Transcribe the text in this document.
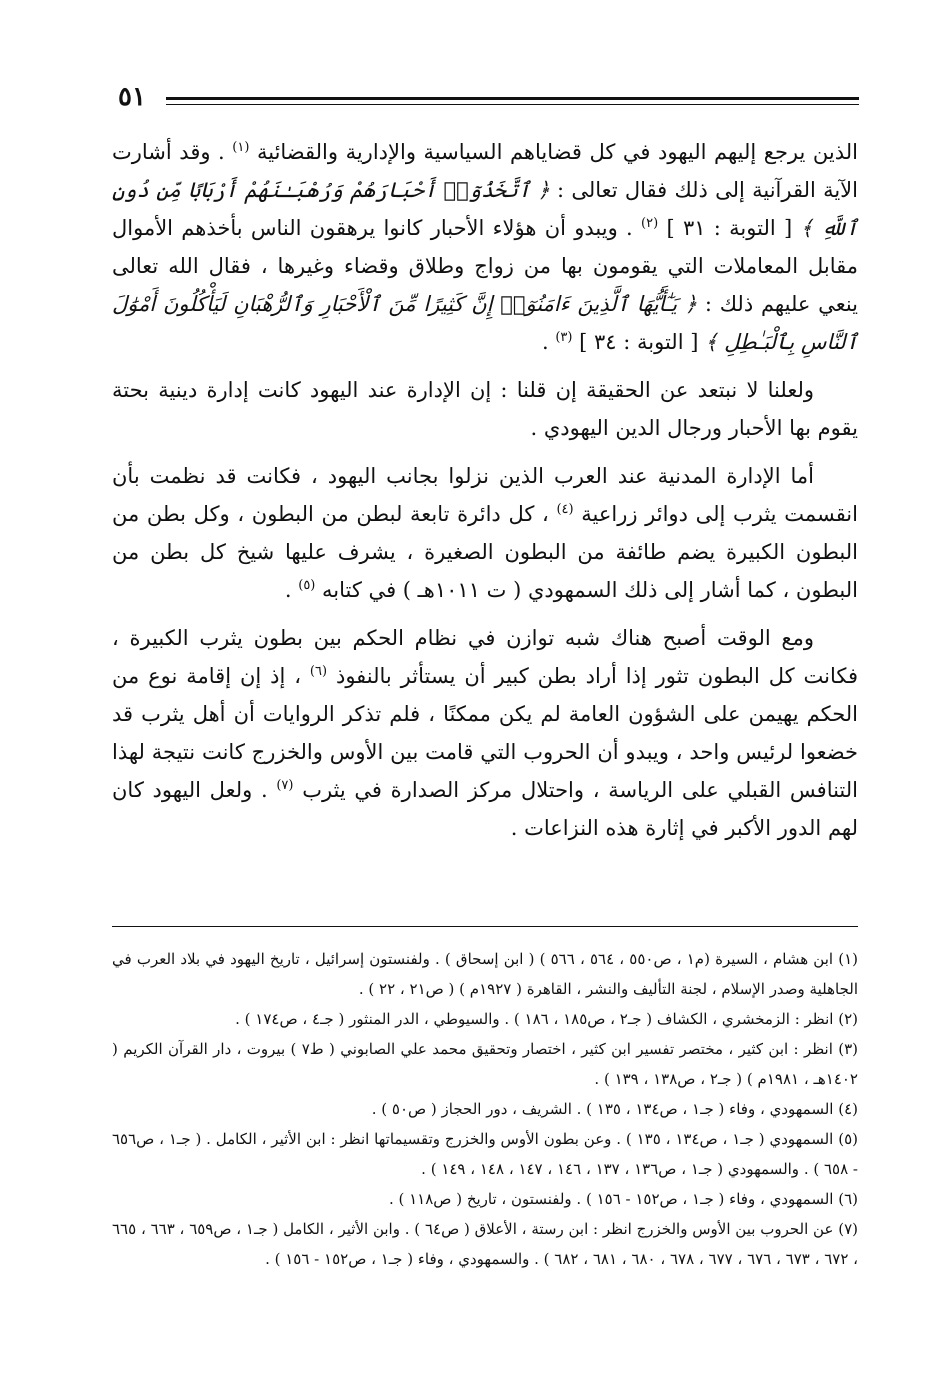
٥١

الذين يرجع إليهم اليهود في كل قضاياهم السياسية والإدارية والقضائية $^{(١)}$ . وقد أشارت الآية القرآنية إلى ذلك فقال تعالى : ﴿ ٱتَّخَذُوٓا۟ أَحْبَارَهُمْ وَرُهْبَـٰنَهُمْ أَرْبَابًا مِّن دُونِ ٱللَّهِ ﴾ [ التوبة : ٣١ ] $^{(٢)}$ . ويبدو أن هؤلاء الأحبار كانوا يرهقون الناس بأخذهم الأموال مقابل المعاملات التي يقومون بها من زواج وطلاق وقضاء وغيرها ، فقال الله تعالى ينعي عليهم ذلك : ﴿ يَـٰٓأَيُّهَا ٱلَّذِينَ ءَامَنُوٓا۟ إِنَّ كَثِيرًا مِّنَ ٱلْأَحْبَارِ وَٱلرُّهْبَانِ لَيَأْكُلُونَ أَمْوَٰلَ ٱلنَّاسِ بِٱلْبَـٰطِلِ ﴾ [ التوبة : ٣٤ ] $^{(٣)}$ .

ولعلنا لا نبتعد عن الحقيقة إن قلنا : إن الإدارة عند اليهود كانت إدارة دينية بحتة يقوم بها الأحبار ورجال الدين اليهودي .

أما الإدارة المدنية عند العرب الذين نزلوا بجانب اليهود ، فكانت قد نظمت بأن انقسمت يثرب إلى دوائر زراعية $^{(٤)}$ ، كل دائرة تابعة لبطن من البطون ، وكل بطن من البطون الكبيرة يضم طائفة من البطون الصغيرة ، يشرف عليها شيخ كل بطن من البطون ، كما أشار إلى ذلك السمهودي ( ت ١٠١١هـ ) في كتابه $^{(٥)}$ .

ومع الوقت أصبح هناك شبه توازن في نظام الحكم بين بطون يثرب الكبيرة ، فكانت كل البطون تثور إذا أراد بطن كبير أن يستأثر بالنفوذ $^{(٦)}$ ، إذ إن إقامة نوع من الحكم يهيمن على الشؤون العامة لم يكن ممكنًا ، فلم تذكر الروايات أن أهل يثرب قد خضعوا لرئيس واحد ، ويبدو أن الحروب التي قامت بين الأوس والخزرج كانت نتيجة لهذا التنافس القبلي على الرياسة ، واحتلال مركز الصدارة في يثرب $^{(٧)}$ . ولعل اليهود كان لهم الدور الأكبر في إثارة هذه النزاعات .

(١) ابن هشام ، السيرة (م١ ، ص٥٥٠ ، ٥٦٤ ، ٥٦٦ ) ( ابن إسحاق ) . ولفنستون إسرائيل ، تاريخ اليهود في بلاد العرب في الجاهلية وصدر الإسلام ، لجنة التأليف والنشر ، القاهرة ( ١٩٢٧م ) ( ص٢١ ، ٢٢ ) .

(٢) انظر : الزمخشري ، الكشاف ( جـ٢ ، ص١٨٥ ، ١٨٦ ) . والسيوطي ، الدر المنثور ( جـ٤ ، ص١٧٤ ) .

(٣) انظر : ابن كثير ، مختصر تفسير ابن كثير ، اختصار وتحقيق محمد علي الصابوني ( ط٧ ) بيروت ، دار القرآن الكريم ( ١٤٠٢هـ ، ١٩٨١م ) ( جـ٢ ، ص١٣٨ ، ١٣٩ ) .

(٤) السمهودي ، وفاء ( جـ١ ، ص١٣٤ ، ١٣٥ ) . الشريف ، دور الحجاز ( ص٥٠ ) .

(٥) السمهودي ( جـ١ ، ص١٣٤ ، ١٣٥ ) . وعن بطون الأوس والخزرج وتقسيماتها انظر : ابن الأثير ، الكامل . ( جـ١ ، ص٦٥٦ - ٦٥٨ ) . والسمهودي ( جـ١ ، ص١٣٦ ، ١٣٧ ، ١٤٦ ، ١٤٧ ، ١٤٨ ، ١٤٩ ) .

(٦) السمهودي ، وفاء ( جـ١ ، ص١٥٢ - ١٥٦ ) . ولفنستون ، تاريخ ( ص١١٨ ) .

(٧) عن الحروب بين الأوس والخزرج انظر : ابن رستة ، الأعلاق ( ص٦٤ ) . وابن الأثير ، الكامل ( جـ١ ، ص٦٥٩ ، ٦٦٣ ، ٦٦٥ ، ٦٧٢ ، ٦٧٣ ، ٦٧٦ ، ٦٧٧ ، ٦٧٨ ، ٦٨٠ ، ٦٨١ ، ٦٨٢ ) . والسمهودي ، وفاء ( جـ١ ، ص١٥٢ - ١٥٦ ) .
